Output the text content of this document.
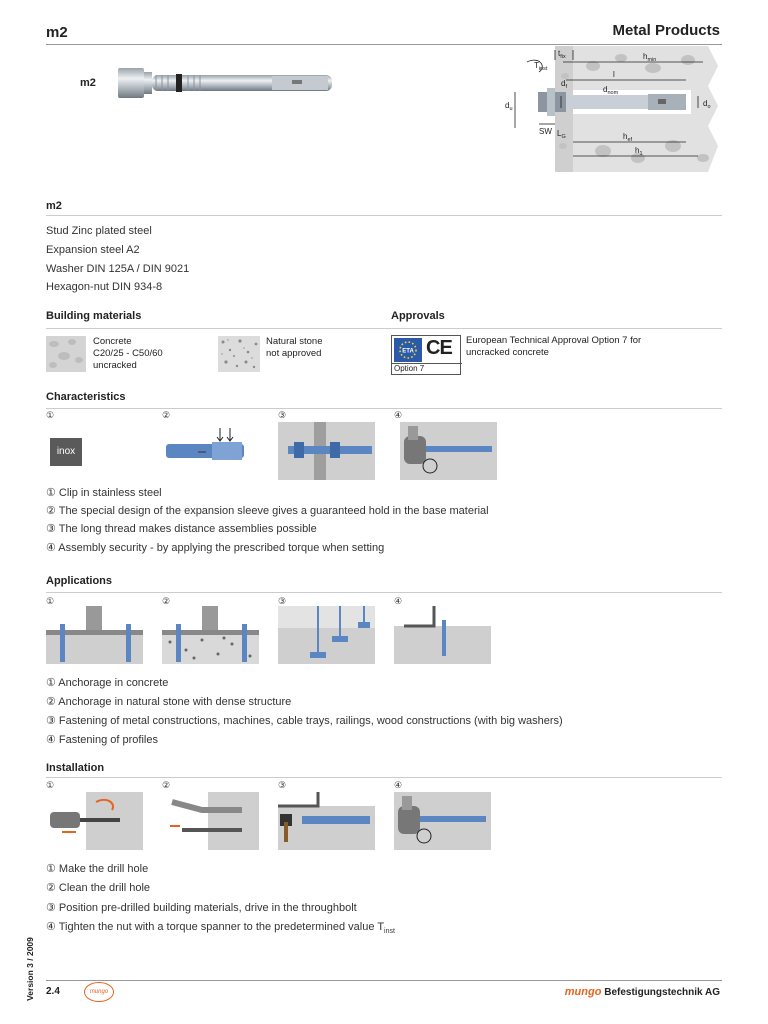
m2	Metal Products
m2
$T_{inst}$
$t_{fix}$	$h_{min}$
l
$d_f$	$d_{nom}$
$d_u$
$d_o$
$h_{ef}$
$h_1$
SW $L_G$
m2
Stud Zinc plated steel
Expansion steel A2
Washer DIN 125A / DIN 9021
Hexagon-nut DIN 934-8
Building materials	Approvals
Concrete
C20/25 - C50/60
uncracked
Natural stone
not approved	ETA CE
Option 7
European Technical Approval Option 7 for
uncracked concrete
Characteristics
①	②	③	④
inox
① Clip in stainless steel
② The special design of the expansion sleeve gives a guaranteed hold in the base material
③ The long thread makes distance assemblies possible
④ Assembly security - by applying the prescribed torque when setting
Applications
①	②	③	④
① Anchorage in concrete
② Anchorage in natural stone with dense structure
③ Fastening of metal constructions, machines, cable trays, railings, wood constructions (with big washers)
④ Fastening of profiles
Installation
①	②	③	④
① Make the drill hole
② Clean the drill hole
③ Position pre-drilled building materials, drive in the throughbolt
④ Tighten the nut with a torque spanner to the predetermined value $T_{inst}$
Version 3 / 2009 2.4	mungo	mungo Befestigungstechnik AG
